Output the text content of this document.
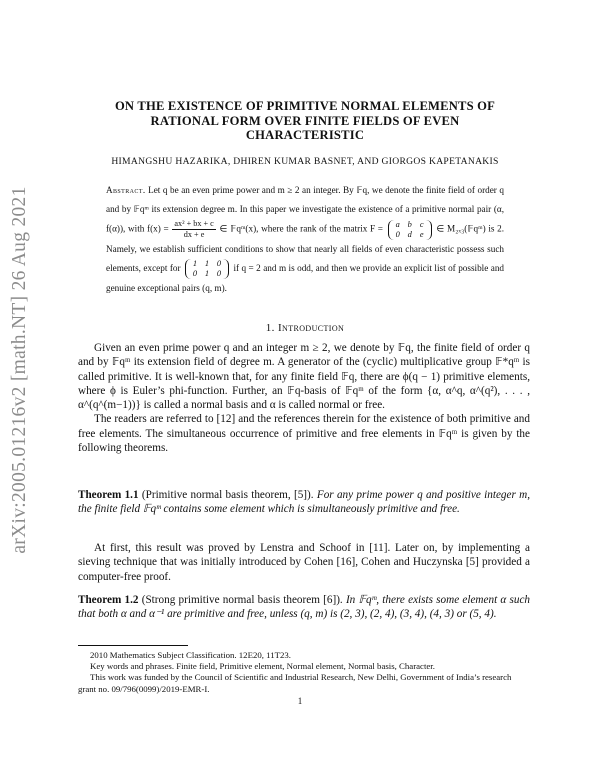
arXiv:2005.01216v2 [math.NT] 26 Aug 2021
ON THE EXISTENCE OF PRIMITIVE NORMAL ELEMENTS OF
RATIONAL FORM OVER FINITE FIELDS OF EVEN
CHARACTERISTIC
HIMANGSHU HAZARIKA, DHIREN KUMAR BASNET, AND GIORGOS KAPETANAKIS
Abstract. Let q be an even prime power and m ≥ 2 an integer. By 𝔽q, we denote the finite field of order q and by 𝔽qᵐ its extension degree m. In this paper we investigate the existence of a primitive normal pair (α, f(α)), with $f(x) = \frac{\text{ax² + bx + c}}{dx + e}$ ∈ 𝔽qᵐ(x), where the rank of the matrix F =	a b c
0 d e
∈ M₂ₓ₃(𝔽qᵐ) is 2. Namely, we establish sufficient conditions to show that nearly all fields of even characteristic possess such elements, except for	1 1 0
0 1 0
if q = 2 and m is odd, and then we provide an explicit list of possible and genuine exceptional pairs (q, m).
1. Introduction

Given an even prime power q and an integer m ≥ 2, we denote by 𝔽q, the finite field of order q and by 𝔽qᵐ its extension field of degree m. A generator of the (cyclic) multiplicative group 𝔽*qᵐ is called primitive. It is well-known that, for any finite field 𝔽q, there are ϕ(q − 1) primitive elements, where ϕ is Euler’s phi-function. Further, an 𝔽q-basis of 𝔽qᵐ of the form {α, α^q, α^(q²), . . . , α^(q^(m−1))} is called a normal basis and α is called normal or free.

The readers are referred to [12] and the references therein for the existence of both primitive and free elements. The simultaneous occurrence of primitive and free elements in 𝔽qᵐ is given by the following theorems.

Theorem 1.1 (Primitive normal basis theorem, [5]). For any prime power q and positive integer m, the finite field 𝔽qᵐ contains some element which is simultaneously primitive and free.
At first, this result was proved by Lenstra and Schoof in [11]. Later on, by implementing a sieving technique that was initially introduced by Cohen [16], Cohen and Huczynska [5] provided a computer-free proof.
Theorem 1.2 (Strong primitive normal basis theorem [6]). In 𝔽qᵐ, there exists some element α such that both α and α⁻¹ are primitive and free, unless (q, m) is (2, 3), (2, 4), (3, 4), (4, 3) or (5, 4).

2010 Mathematics Subject Classification. 12E20, 11T23.

Key words and phrases. Finite field, Primitive element, Normal element, Normal basis, Character.

This work was funded by the Council of Scientific and Industrial Research, New Delhi, Government of India’s research grant no. 09/796(0099)/2019-EMR-I.

1
